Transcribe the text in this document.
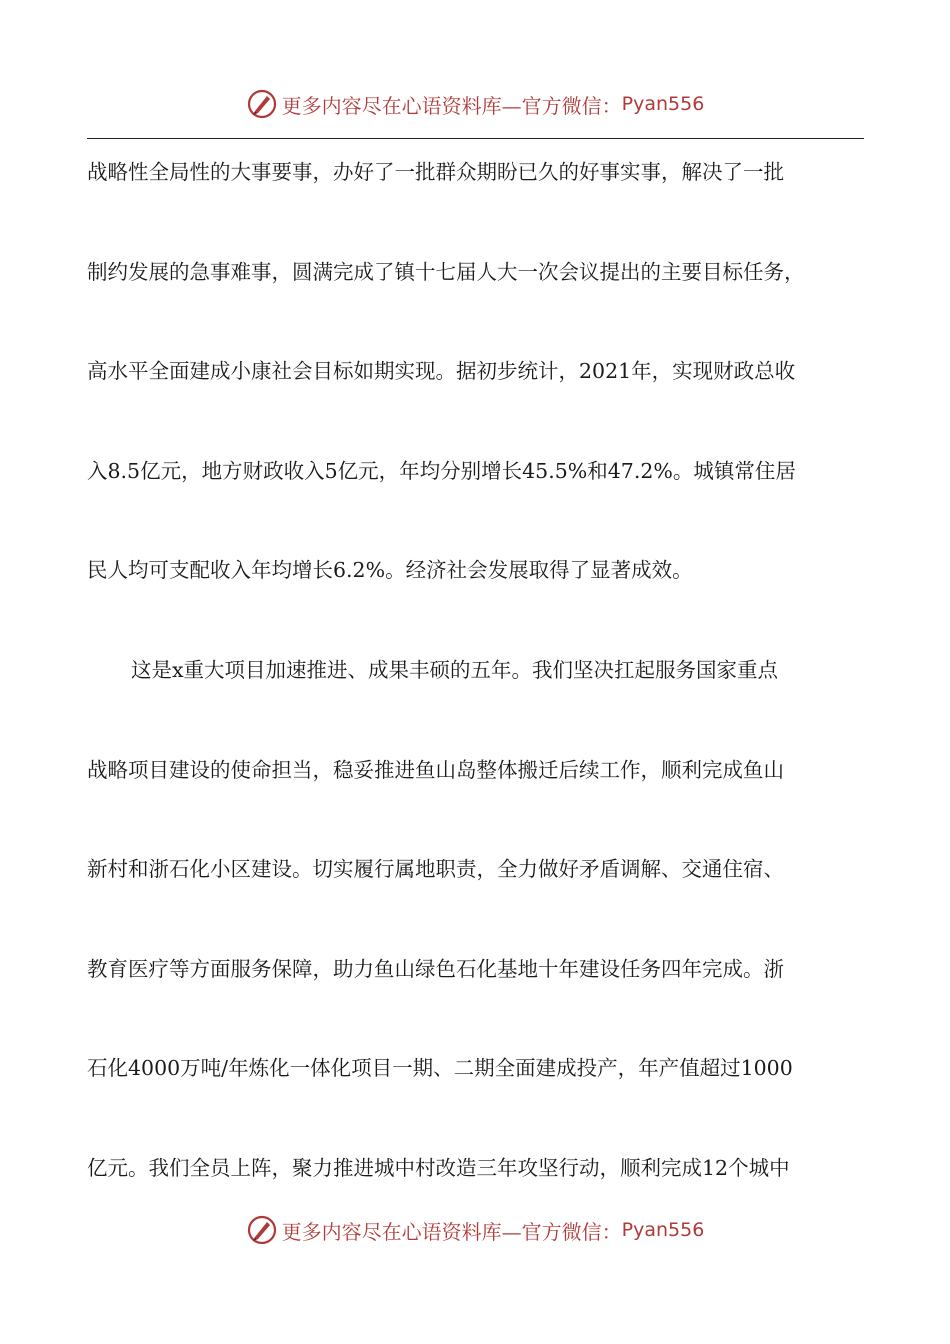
更多内容尽在心语资料库—官方微信： Pyan556
战略性全局性的大事要事，办好了一批群众期盼已久的好事实事，解决了一批
制约发展的急事难事，圆满完成了镇十七届人大一次会议提出的主要目标任务，
高水平全面建成小康社会目标如期实现。据初步统计，2021年，实现财政总收
入8.5亿元，地方财政收入5亿元，年均分别增长45.5%和47.2%。城镇常住居
民人均可支配收入年均增长6.2%。经济社会发展取得了显著成效。
这是x重大项目加速推进、成果丰硕的五年。我们坚决扛起服务国家重点
战略项目建设的使命担当，稳妥推进鱼山岛整体搬迁后续工作，顺利完成鱼山
新村和浙石化小区建设。切实履行属地职责，全力做好矛盾调解、交通住宿、
教育医疗等方面服务保障，助力鱼山绿色石化基地十年建设任务四年完成。浙
石化4000万吨/年炼化一体化项目一期、二期全面建成投产，年产值超过1000
亿元。我们全员上阵，聚力推进城中村改造三年攻坚行动，顺利完成12个城中
更多内容尽在心语资料库—官方微信： Pyan556
